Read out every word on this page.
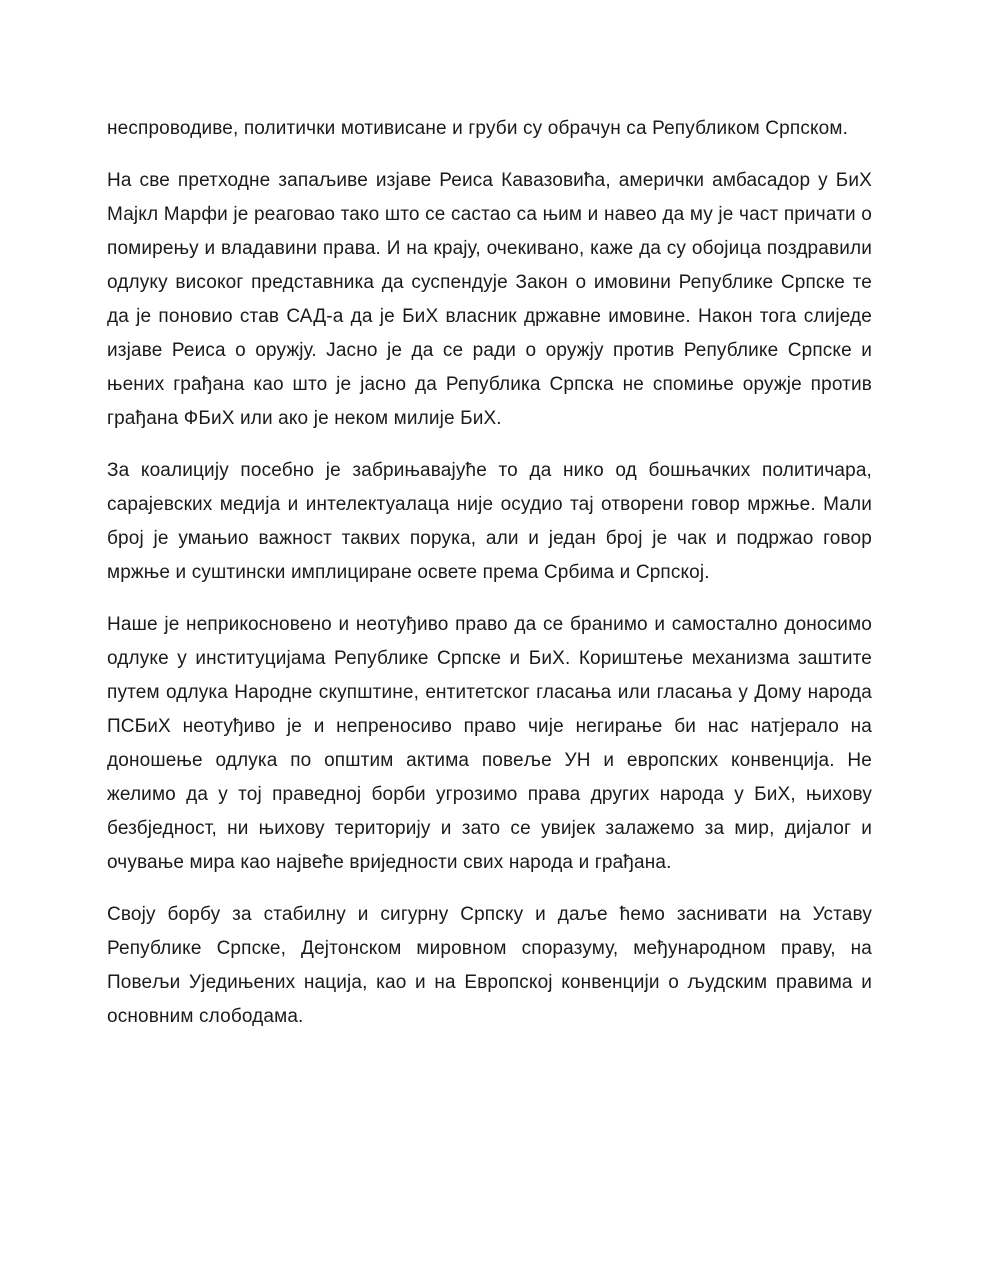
неспроводиве, политички мотивисане и груби су обрачун са Републиком Српском.

На све претходне запаљиве изјаве Реиса Кавазовића, амерички амбасадор у БиХ Мајкл Марфи је реаговао тако што се састао са њим и навео да му је част причати о помирењу и владавини права. И на крају, очекивано, каже да су обојица поздравили одлуку високог представника да суспендује Закон о имовини Републике Српске те да је поновио став САД-а да је БиХ власник државне имовине. Након тога слиједе изјаве Реиса о оружју. Јасно је да се ради о оружју против Републике Српске и њених грађана као што је јасно да Република Српска не спомиње оружје против грађана ФБиХ или ако је неком милије БиХ.

За коалицију посебно је забрињавајуће то да нико од бошњачких политичара, сарајевских медија и интелектуалаца није осудио тај отворени говор мржње. Мали број је умањио важност таквих порука, али и један број је чак и подржао говор мржње и суштински имплициране освете према Србима и Српској.

Наше је неприкосновено и неотуђиво право да се бранимо и самостално доносимо одлуке у институцијама Републике Српске и БиХ. Кориштење механизма заштите путем одлука Народне скупштине, ентитетског гласања или гласања у Дому народа ПСБиХ неотуђиво је и непреносиво право чије негирање би нас натјерало на доношење одлука по општим актима повеље УН и европских конвенција. Не желимо да у тој праведној борби угрозимо права других народа у БиХ, њихову безбједност, ни њихову територију и зато се увијек залажемо за мир, дијалог и очување мира као највеће вриједности свих народа и грађана.

Своју борбу за стабилну и сигурну Српску и даље ћемо заснивати на Уставу Републике Српске, Дејтонском мировном споразуму, међународном праву, на Повељи Уједињених нација, као и на Европској конвенцији о људским правима и основним слободама.
